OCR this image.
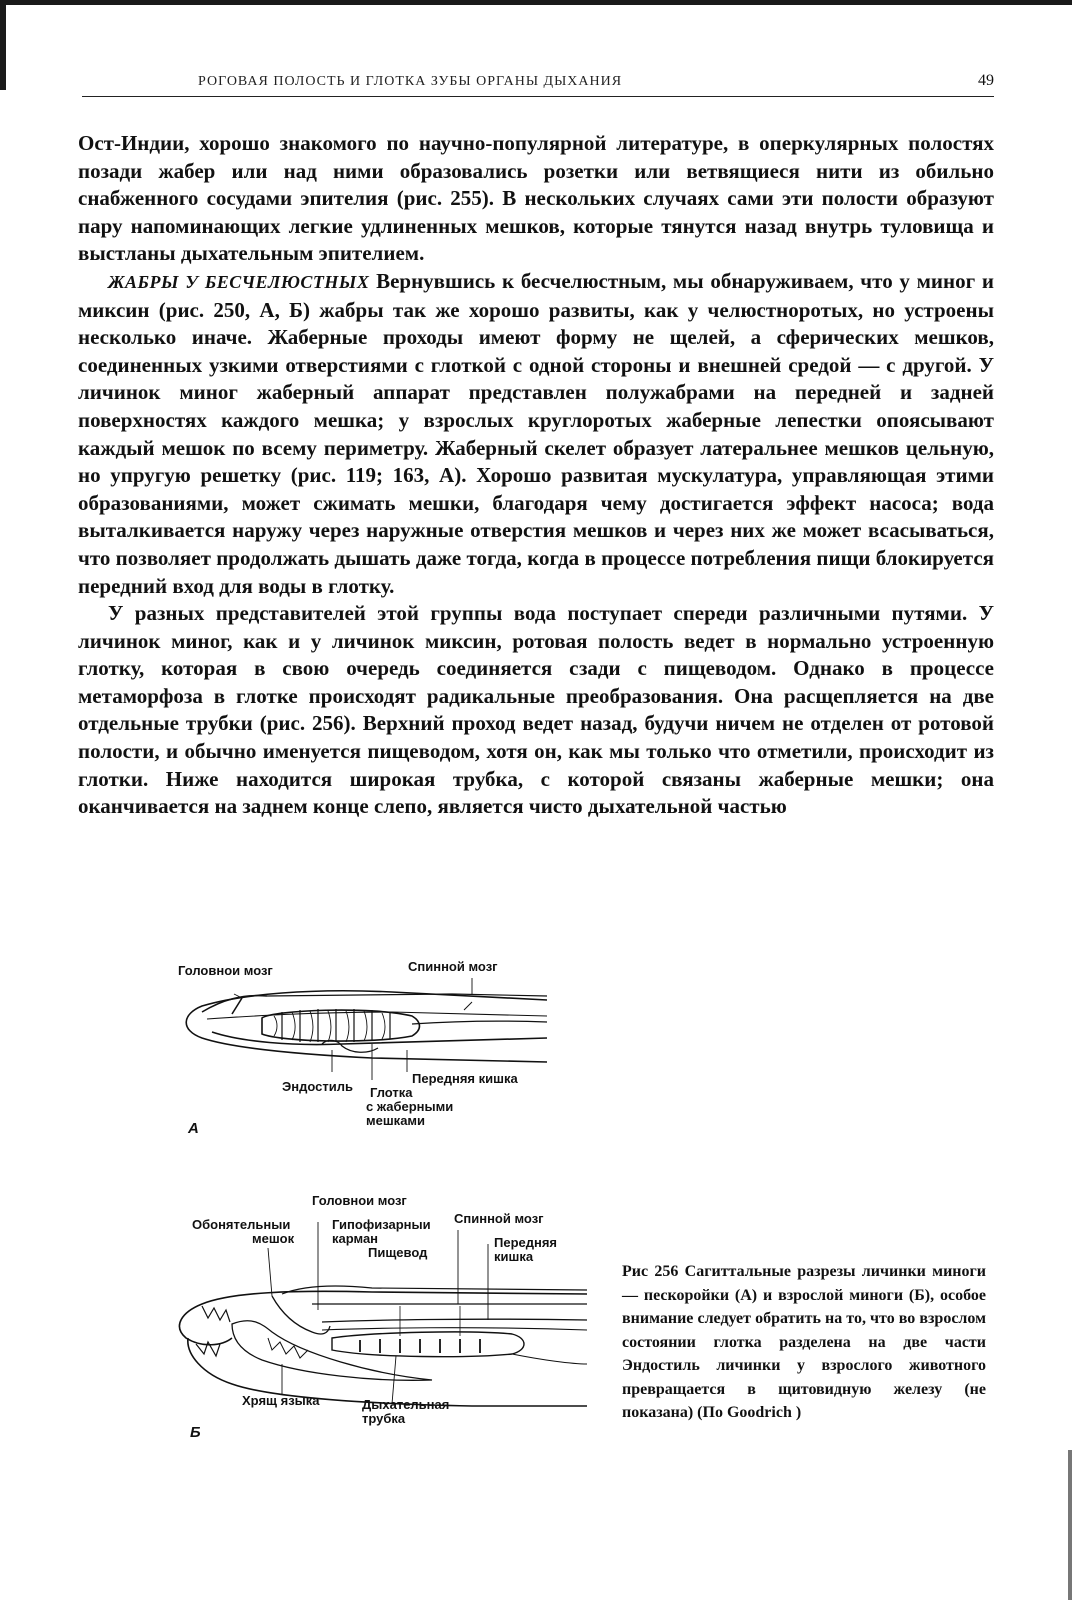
РОГОВАЯ ПОЛОСТЬ И ГЛОТКА ЗУБЫ ОРГАНЫ ДЫХАНИЯ	49

Ост-Индии, хорошо знакомого по научно-популярной литературе, в оперкулярных полостях позади жабер или над ними образовались розетки или ветвящиеся нити из обильно снабженного сосудами эпителия (рис. 255). В нескольких случаях сами эти полости образуют пару напоминающих легкие удлиненных мешков, которые тянутся назад внутрь туловища и выстланы дыхательным эпителием.

ЖАБРЫ У БЕСЧЕЛЮСТНЫХ Вернувшись к бесчелюстным, мы обнаруживаем, что у миног и миксин (рис. 250, А, Б) жабры так же хорошо развиты, как у челюстноротых, но устроены несколько иначе. Жаберные проходы имеют форму не щелей, а сферических мешков, соединенных узкими отверстиями с глоткой с одной стороны и внешней средой — с другой. У личинок миног жаберный аппарат представлен полужабрами на передней и задней поверхностях каждого мешка; у взрослых круглоротых жаберные лепестки опоясывают каждый мешок по всему периметру. Жаберный скелет образует латеральнее мешков цельную, но упругую решетку (рис. 119; 163, А). Хорошо развитая мускулатура, управляющая этими образованиями, может сжимать мешки, благодаря чему достигается эффект насоса; вода выталкивается наружу через наружные отверстия мешков и через них же может всасываться, что позволяет продолжать дышать даже тогда, когда в процессе потребления пищи блокируется передний вход для воды в глотку.

У разных представителей этой группы вода поступает спереди различными путями. У личинок миног, как и у личинок миксин, ротовая полость ведет в нормально устроенную глотку, которая в свою очередь соединяется сзади с пищеводом. Однако в процессе метаморфоза в глотке происходят радикальные преобразования. Она расщепляется на две отдельные трубки (рис. 256). Верхний проход ведет назад, будучи ничем не отделен от ротовой полости, и обычно именуется пищеводом, хотя он, как мы только что отметили, происходит из глотки. Ниже находится широкая трубка, с которой связаны жаберные мешки; она оканчивается на заднем конце слепо, является чисто дыхательной частью

Головнои мозг	Спинной мозг
Передняя кишка
Эндостиль Глотка
с жаберными
мешками
А
Головнои мозг
Обонятельныи
мешок
Гипофизарныи
карман
Спинной мозг
Передняя
кишка
Пищевод
Хрящ языка	Дыхательная
трубка
Б
Рис 256 Сагиттальные разрезы личинки миноги — пескоройки (А) и взрослой миноги (Б), особое внимание следует обратить на то, что во взрослом состоянии глотка разделена на две части Эндостиль личинки у взрослого животного превращается в щитовидную железу (не показана) (По Goodrich )
